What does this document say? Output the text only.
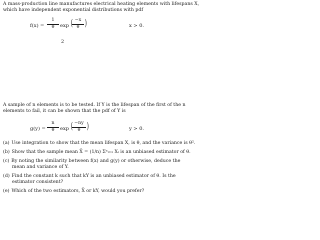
A mass-production line manufactures electrical heating elements with lifespans X,
which have independent exponential distributions with pdf
f(x) =
1
θ	exp ( −x
θ )	x > 0.
2
A sample of n elements is to be tested. If Y is the lifespan of the first of the n
elements to fail, it can be shown that the pdf of Y is
g(y) =
n
θ	exp ( −ny
θ )	y > 0.
(a) Use integration to show that the mean lifespan X, is θ, and the variance is θ².
(b) Show that the sample mean X̄ = (1/n) Σⁿᵢ₌₁ Xᵢ is an unbiased estimator of θ.
(c) By noting the similarity between f(x) and g(y) or otherwise, deduce the
mean and variance of Y.
(d) Find the constant k such that kY is an unbiased estimator of θ. Is the
estimator consistent?
(e) Which of the two estimators, X̄ or kY, would you prefer?
